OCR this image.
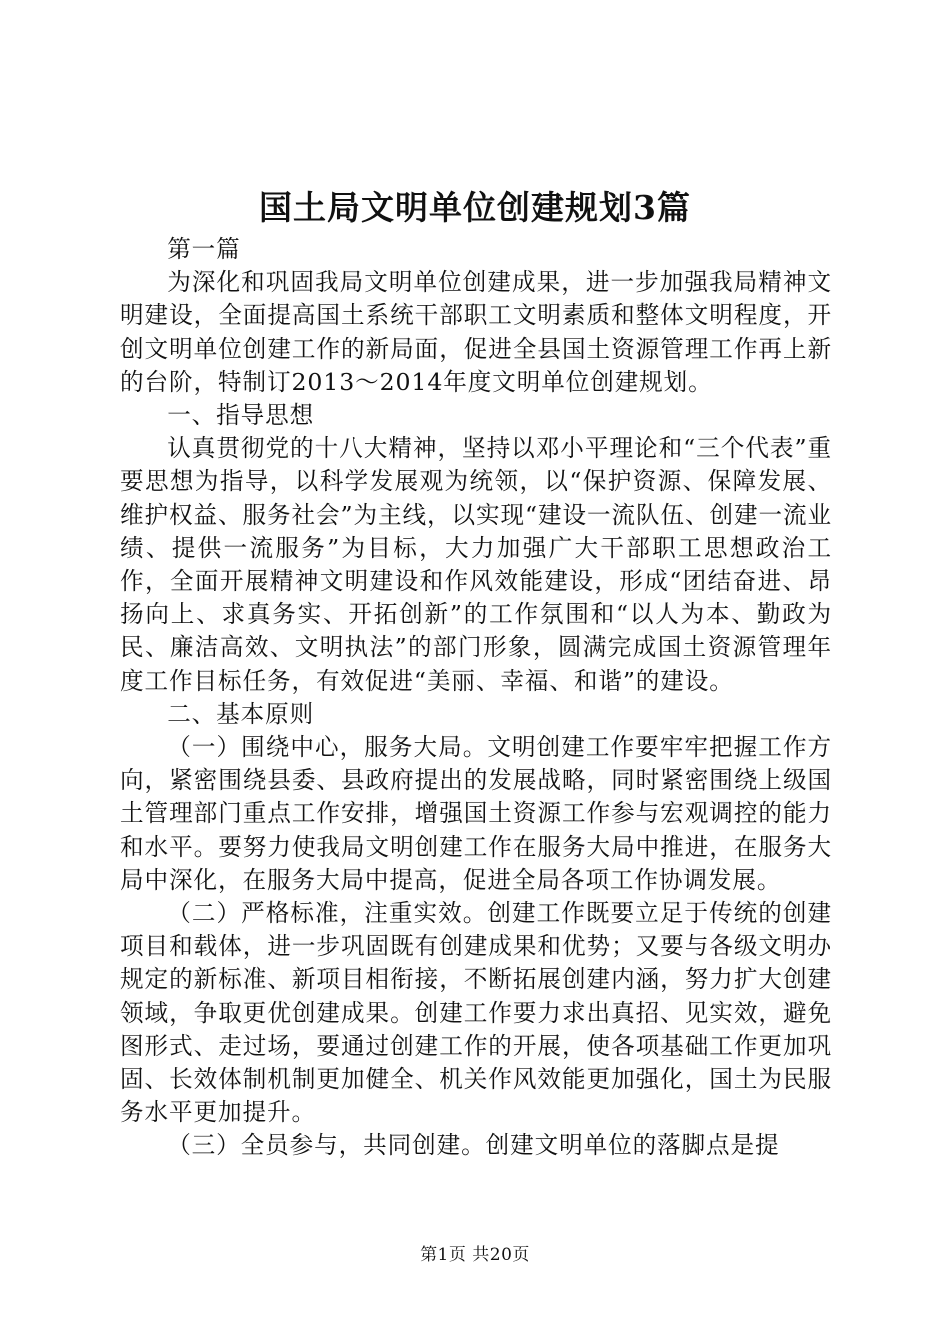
国土局文明单位创建规划3篇

第一篇

为深化和巩固我局文明单位创建成果，进一步加强我局精神文明建设，全面提高国土系统干部职工文明素质和整体文明程度，开创文明单位创建工作的新局面，促进全县国土资源管理工作再上新的台阶，特制订2013～2014年度文明单位创建规划。

一、指导思想

认真贯彻党的十八大精神，坚持以邓小平理论和“三个代表”重要思想为指导，以科学发展观为统领，以“保护资源、保障发展、维护权益、服务社会”为主线，以实现“建设一流队伍、创建一流业绩、提供一流服务”为目标，大力加强广大干部职工思想政治工作，全面开展精神文明建设和作风效能建设，形成“团结奋进、昂扬向上、求真务实、开拓创新”的工作氛围和“以人为本、勤政为民、廉洁高效、文明执法”的部门形象，圆满完成国土资源管理年度工作目标任务，有效促进“美丽、幸福、和谐”的建设。

二、基本原则

（一）围绕中心，服务大局。文明创建工作要牢牢把握工作方向，紧密围绕县委、县政府提出的发展战略，同时紧密围绕上级国土管理部门重点工作安排，增强国土资源工作参与宏观调控的能力和水平。要努力使我局文明创建工作在服务大局中推进，在服务大局中深化，在服务大局中提高，促进全局各项工作协调发展。

（二）严格标准，注重实效。创建工作既要立足于传统的创建项目和载体，进一步巩固既有创建成果和优势；又要与各级文明办规定的新标准、新项目相衔接，不断拓展创建内涵，努力扩大创建领域，争取更优创建成果。创建工作要力求出真招、见实效，避免图形式、走过场，要通过创建工作的开展，使各项基础工作更加巩固、长效体制机制更加健全、机关作风效能更加强化，国土为民服务水平更加提升。

（三）全员参与，共同创建。创建文明单位的落脚点是提

第1页 共20页
